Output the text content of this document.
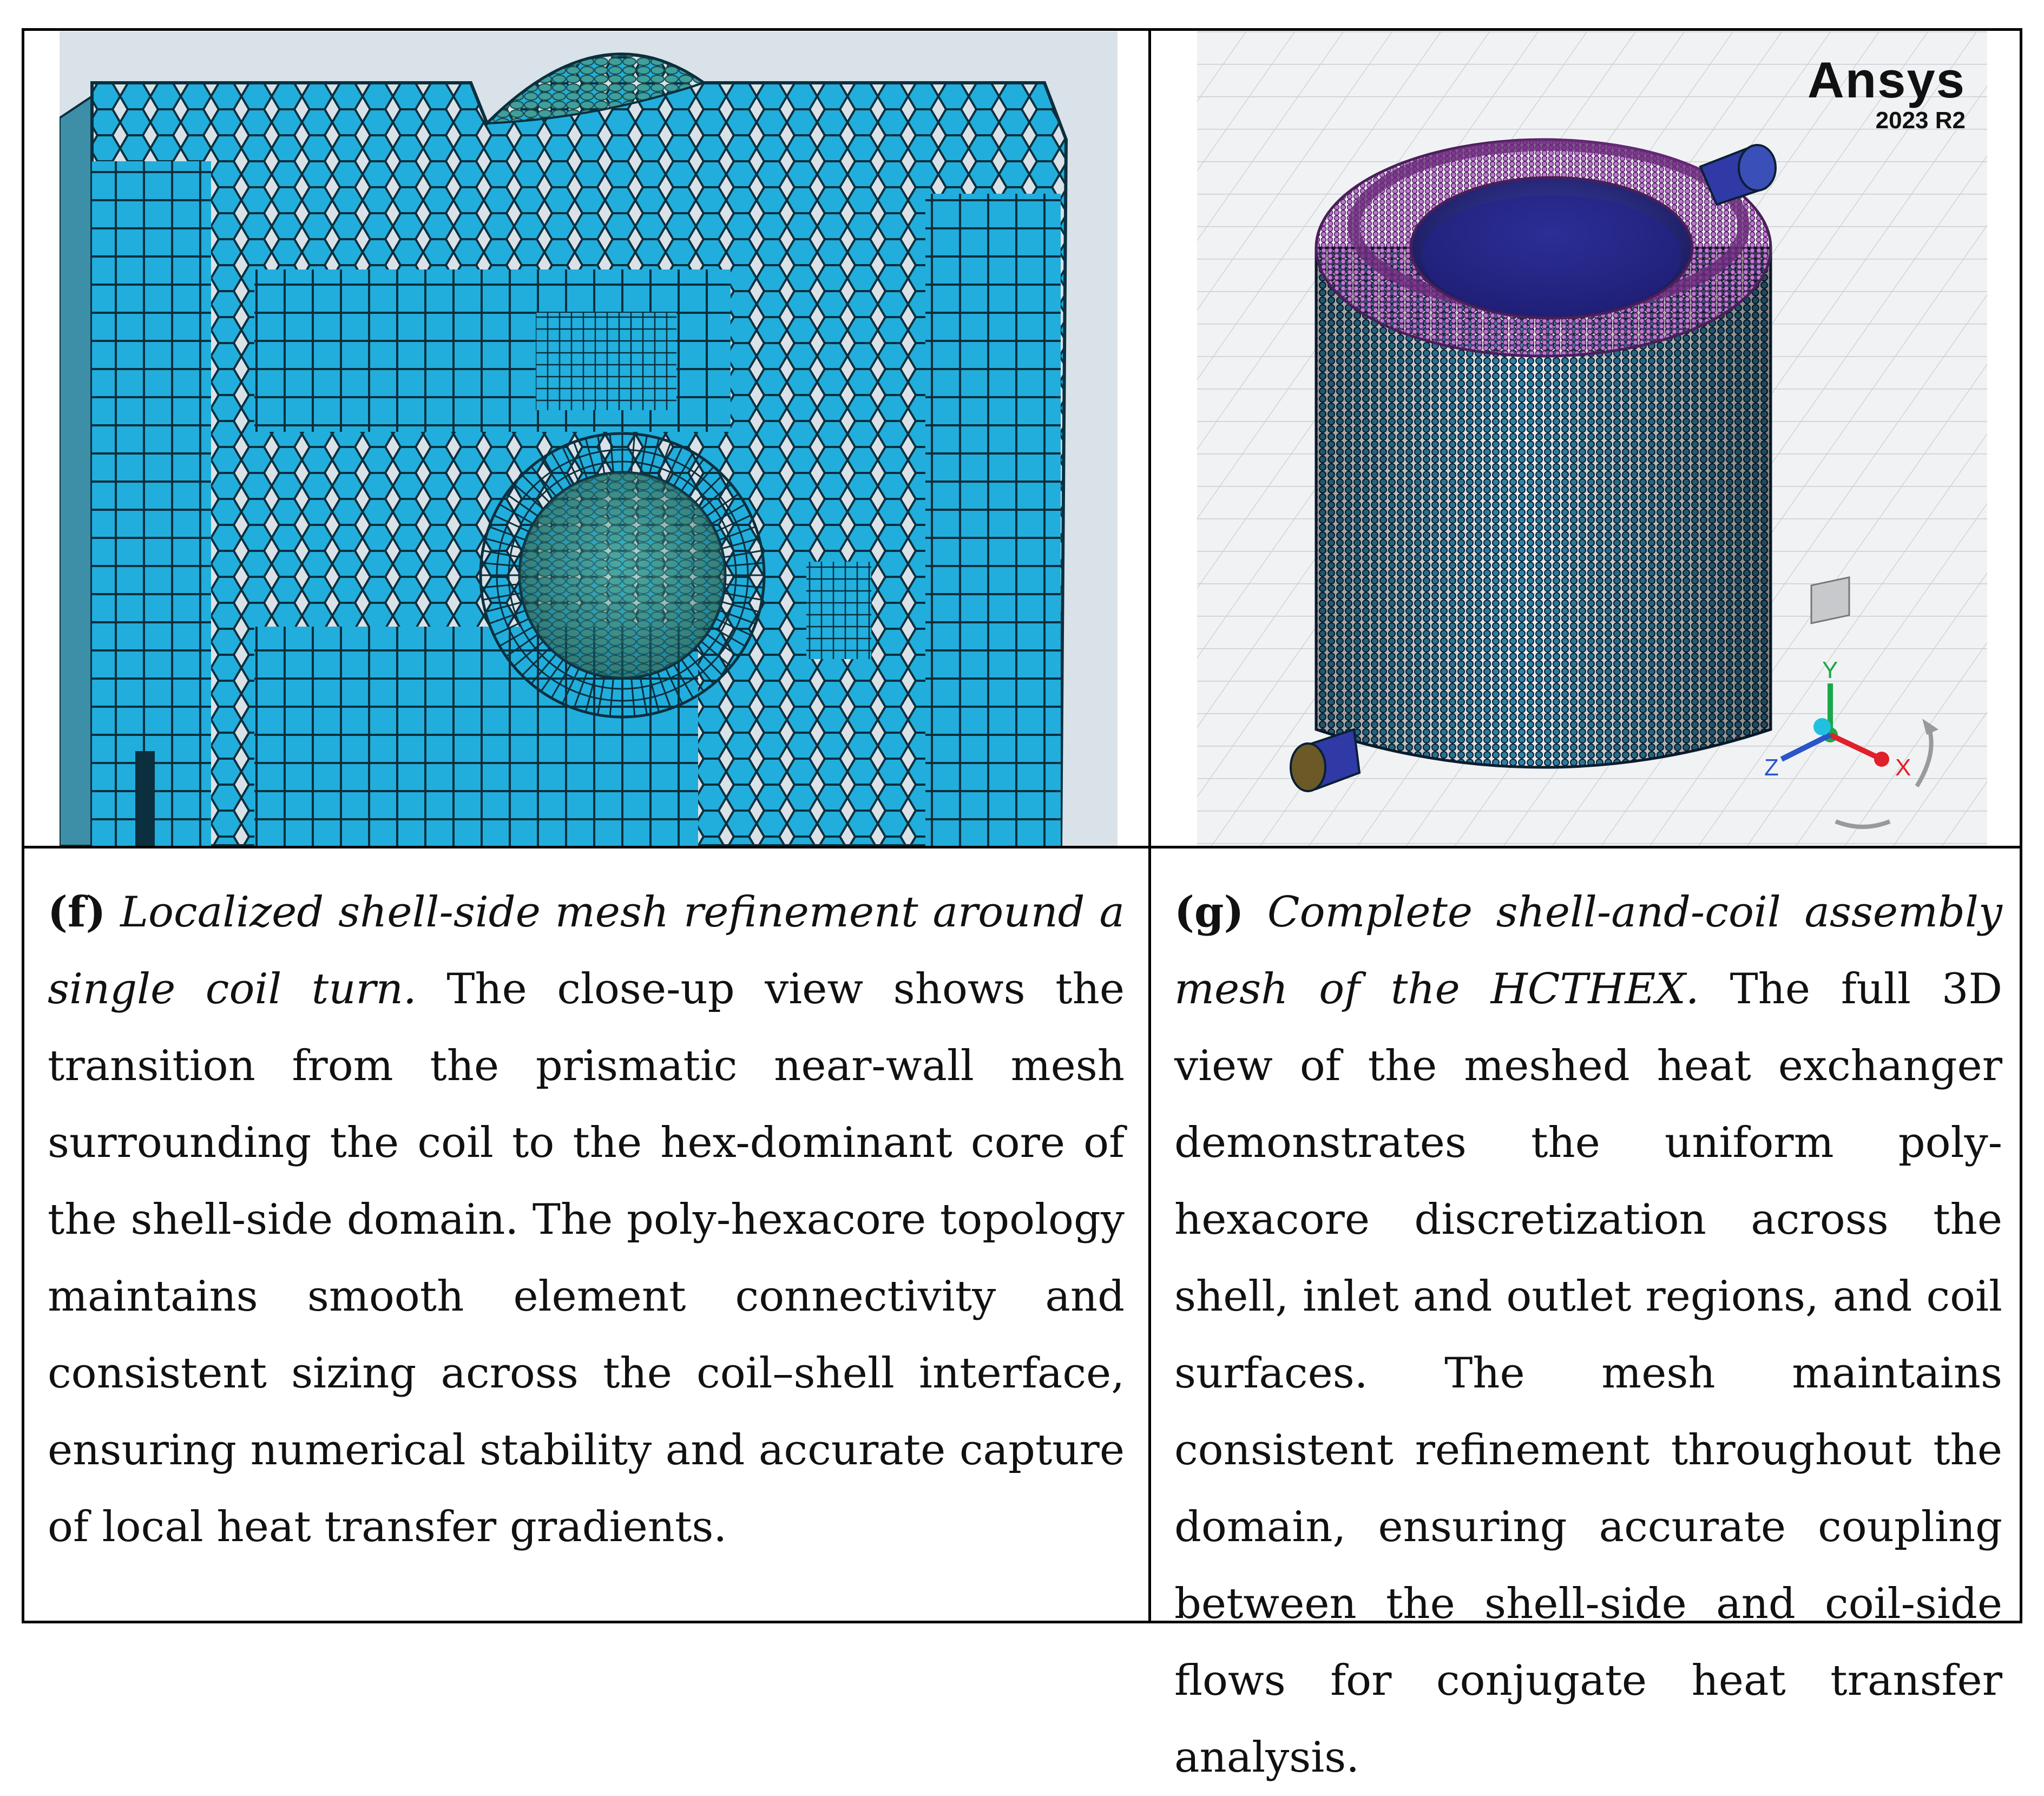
Y
X
Z
Ansys
2023 R2
(f) Localized shell-side mesh refinement around a single coil turn. The close-up view shows the transition from the prismatic near-wall mesh surrounding the coil to the hex-dominant core of the shell-side domain. The poly-hexacore topology maintains smooth element connectivity and consistent sizing across the coil–shell interface, ensuring numerical stability and accurate capture of local heat transfer gradients.
(g) Complete shell-and-coil assembly mesh of the HCTHEX. The full 3D view of the meshed heat exchanger demonstrates the uniform poly-hexacore discretization across the shell, inlet and outlet regions, and coil surfaces. The mesh maintains consistent refinement throughout the domain, ensuring accurate coupling between the shell-side and coil-side flows for conjugate heat transfer analysis.
